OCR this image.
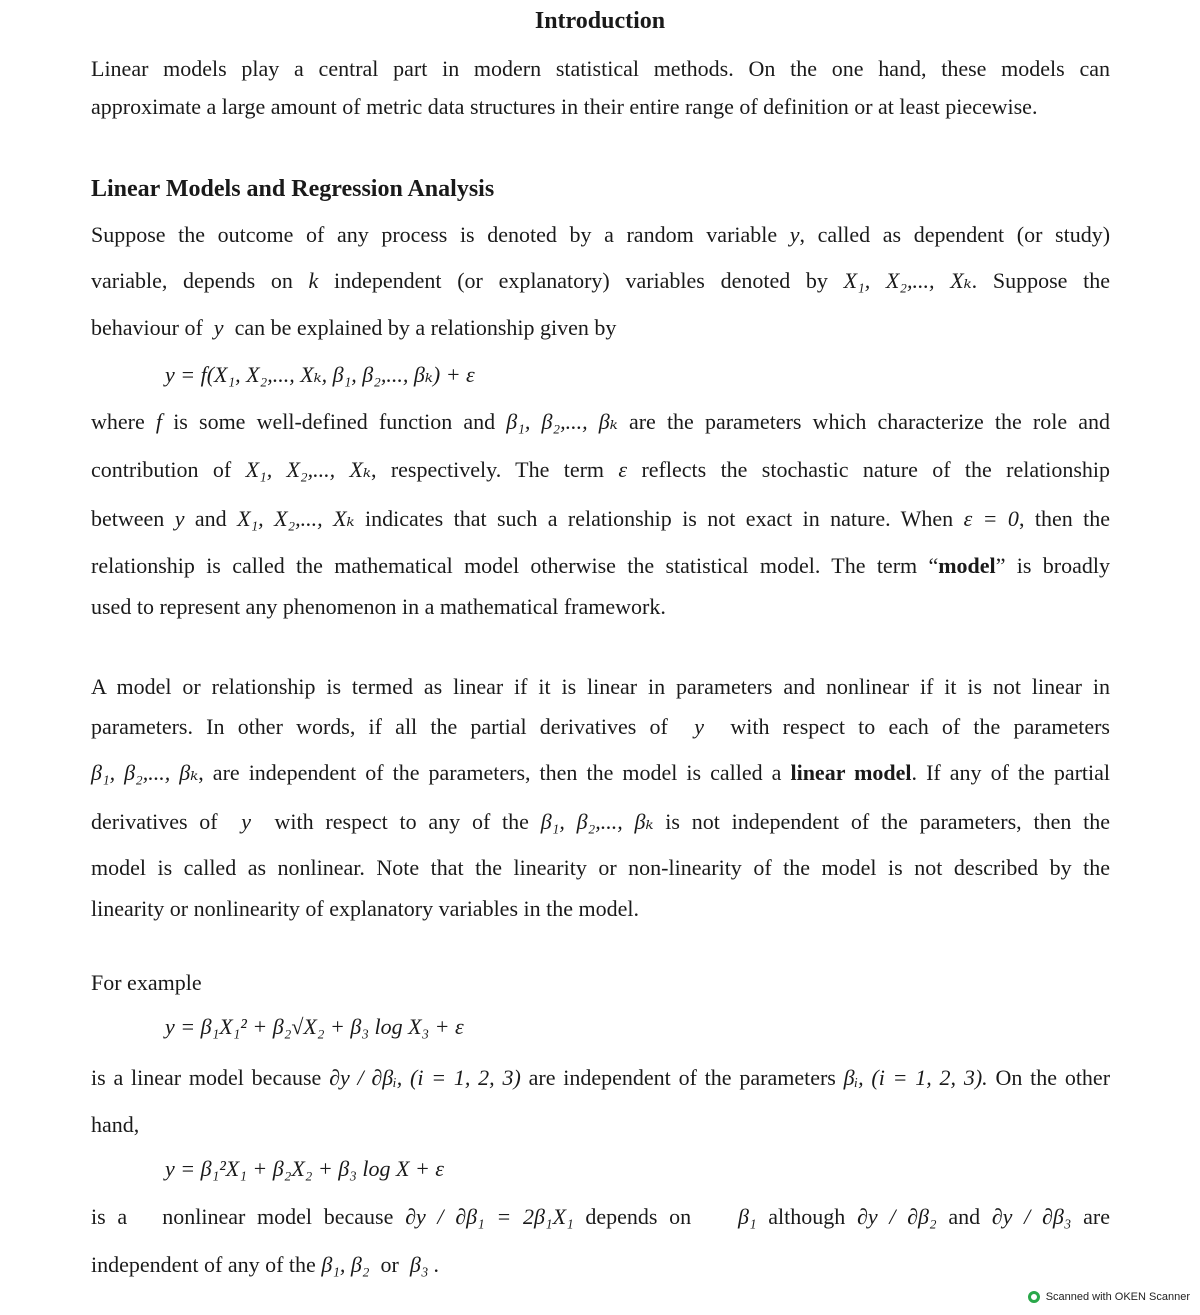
Introduction
Linear models play a central part in modern statistical methods. On the one hand, these models can
approximate a large amount of metric data structures in their entire range of definition or at least piecewise.
Linear Models and Regression Analysis
Suppose the outcome of any process is denoted by a random variable y, called as dependent (or study)
variable, depends on k independent (or explanatory) variables denoted by X₁, X₂,..., Xₖ. Suppose the
behaviour of y can be explained by a relationship given by
y = f(X₁, X₂,..., Xₖ, β₁, β₂,..., βₖ) + ε
where f is some well-defined function and β₁, β₂,..., βₖ are the parameters which characterize the role and
contribution of X₁, X₂,..., Xₖ, respectively. The term ε reflects the stochastic nature of the relationship
between y and X₁, X₂,..., Xₖ indicates that such a relationship is not exact in nature. When ε = 0, then the
relationship is called the mathematical model otherwise the statistical model. The term “model” is broadly
used to represent any phenomenon in a mathematical framework.
A model or relationship is termed as linear if it is linear in parameters and nonlinear if it is not linear in
parameters. In other words, if all the partial derivatives of y with respect to each of the parameters
β₁, β₂,..., βₖ, are independent of the parameters, then the model is called a linear model. If any of the partial
derivatives of y with respect to any of the β₁, β₂,..., βₖ is not independent of the parameters, then the
model is called as nonlinear. Note that the linearity or non-linearity of the model is not described by the
linearity or nonlinearity of explanatory variables in the model.
For example
y = β₁X₁² + β₂√X₂ + β₃ log X₃ + ε
is a linear model because ∂y / ∂βᵢ, (i = 1, 2, 3) are independent of the parameters βᵢ, (i = 1, 2, 3). On the other
hand,
y = β₁²X₁ + β₂X₂ + β₃ log X + ε
is a nonlinear model because ∂y / ∂β₁ = 2β₁X₁ depends on β₁ although ∂y / ∂β₂ and ∂y / ∂β₃ are
independent of any of the β₁, β₂ or β₃ .
Scanned with OKEN Scanner
